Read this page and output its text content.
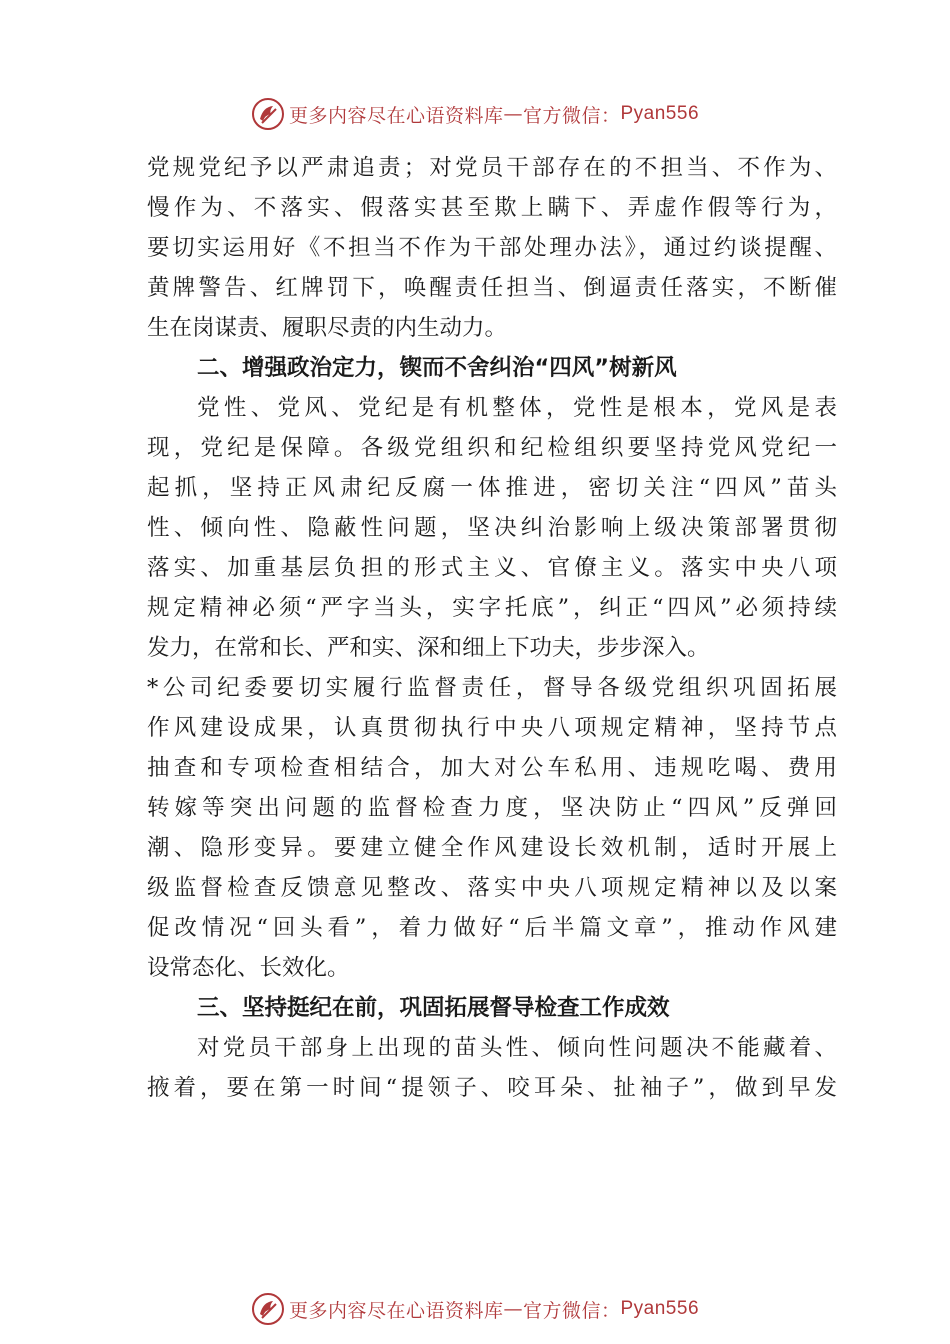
更多内容尽在心语资料库 — 官方微信： Pyan556
党规党纪予以严肃追责；对党员干部存在的不担当、不作为、
慢作为、不落实、假落实甚至欺上瞒下、弄虚作假等行为，
要切实运用好《不担当不作为干部处理办法》，通过约谈提醒、
黄牌警告、红牌罚下，唤醒责任担当、倒逼责任落实，不断催
生在岗谋责、履职尽责的内生动力。
二、增强政治定力，锲而不舍纠治“四风”树新风
党性、党风、党纪是有机整体，党性是根本，党风是表
现，党纪是保障。各级党组织和纪检组织要坚持党风党纪一
起抓，坚持正风肃纪反腐一体推进，密切关注“四风”苗头
性、倾向性、隐蔽性问题，坚决纠治影响上级决策部署贯彻
落实、加重基层负担的形式主义、官僚主义。落实中央八项
规定精神必须“严字当头，实字托底”，纠正“四风”必须持续
发力，在常和长、严和实、深和细上下功夫，步步深入。
*公司纪委要切实履行监督责任，督导各级党组织巩固拓展
作风建设成果，认真贯彻执行中央八项规定精神，坚持节点
抽查和专项检查相结合，加大对公车私用、违规吃喝、费用
转嫁等突出问题的监督检查力度，坚决防止“四风”反弹回
潮、隐形变异。要建立健全作风建设长效机制，适时开展上
级监督检查反馈意见整改、落实中央八项规定精神以及以案
促改情况“回头看”，着力做好“后半篇文章”，推动作风建
设常态化、长效化。
三、坚持挺纪在前，巩固拓展督导检查工作成效
对党员干部身上出现的苗头性、倾向性问题决不能藏着、
掖着，要在第一时间“提领子、咬耳朵、扯袖子”，做到早发
更多内容尽在心语资料库 — 官方微信： Pyan556
